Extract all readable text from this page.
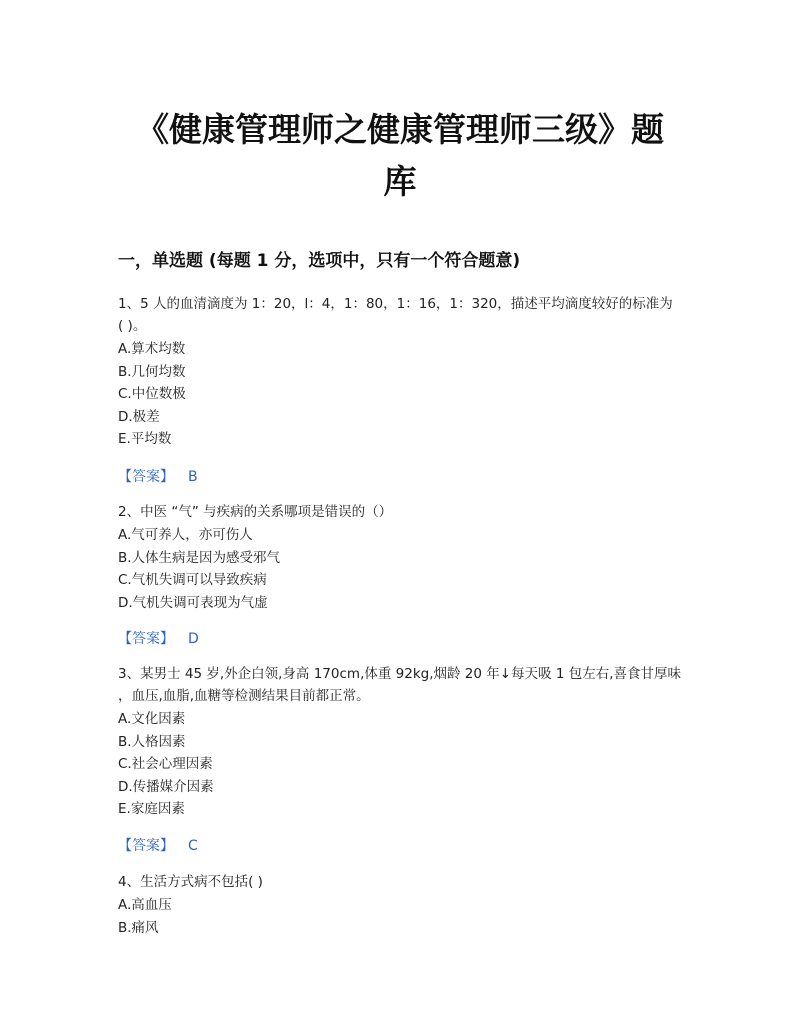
《健康管理师之健康管理师三级》题
库
一，单选题 (每题 1 分，选项中，只有一个符合题意)
1、5 人的血清滴度为 1：20，l：4，1：80，1：16，1：320，描述平均滴度较好的标准为
( )。
A.算术均数
B.几何均数
C.中位数极
D.极差
E.平均数
【答案】 B
2、中医 “气” 与疾病的关系哪项是错误的（）
A.气可养人，亦可伤人
B.人体生病是因为感受邪气
C.气机失调可以导致疾病
D.气机失调可表现为气虚
【答案】 D
3、某男士 45 岁,外企白领,身高 170cm,体重 92kg,烟龄 20 年↓每天吸 1 包左右,喜食甘厚味
，血压,血脂,血糖等检测结果目前都正常。
A.文化因素
B.人格因素
C.社会心理因素
D.传播媒介因素
E.家庭因素
【答案】 C
4、生活方式病不包括( )
A.高血压
B.痛风
